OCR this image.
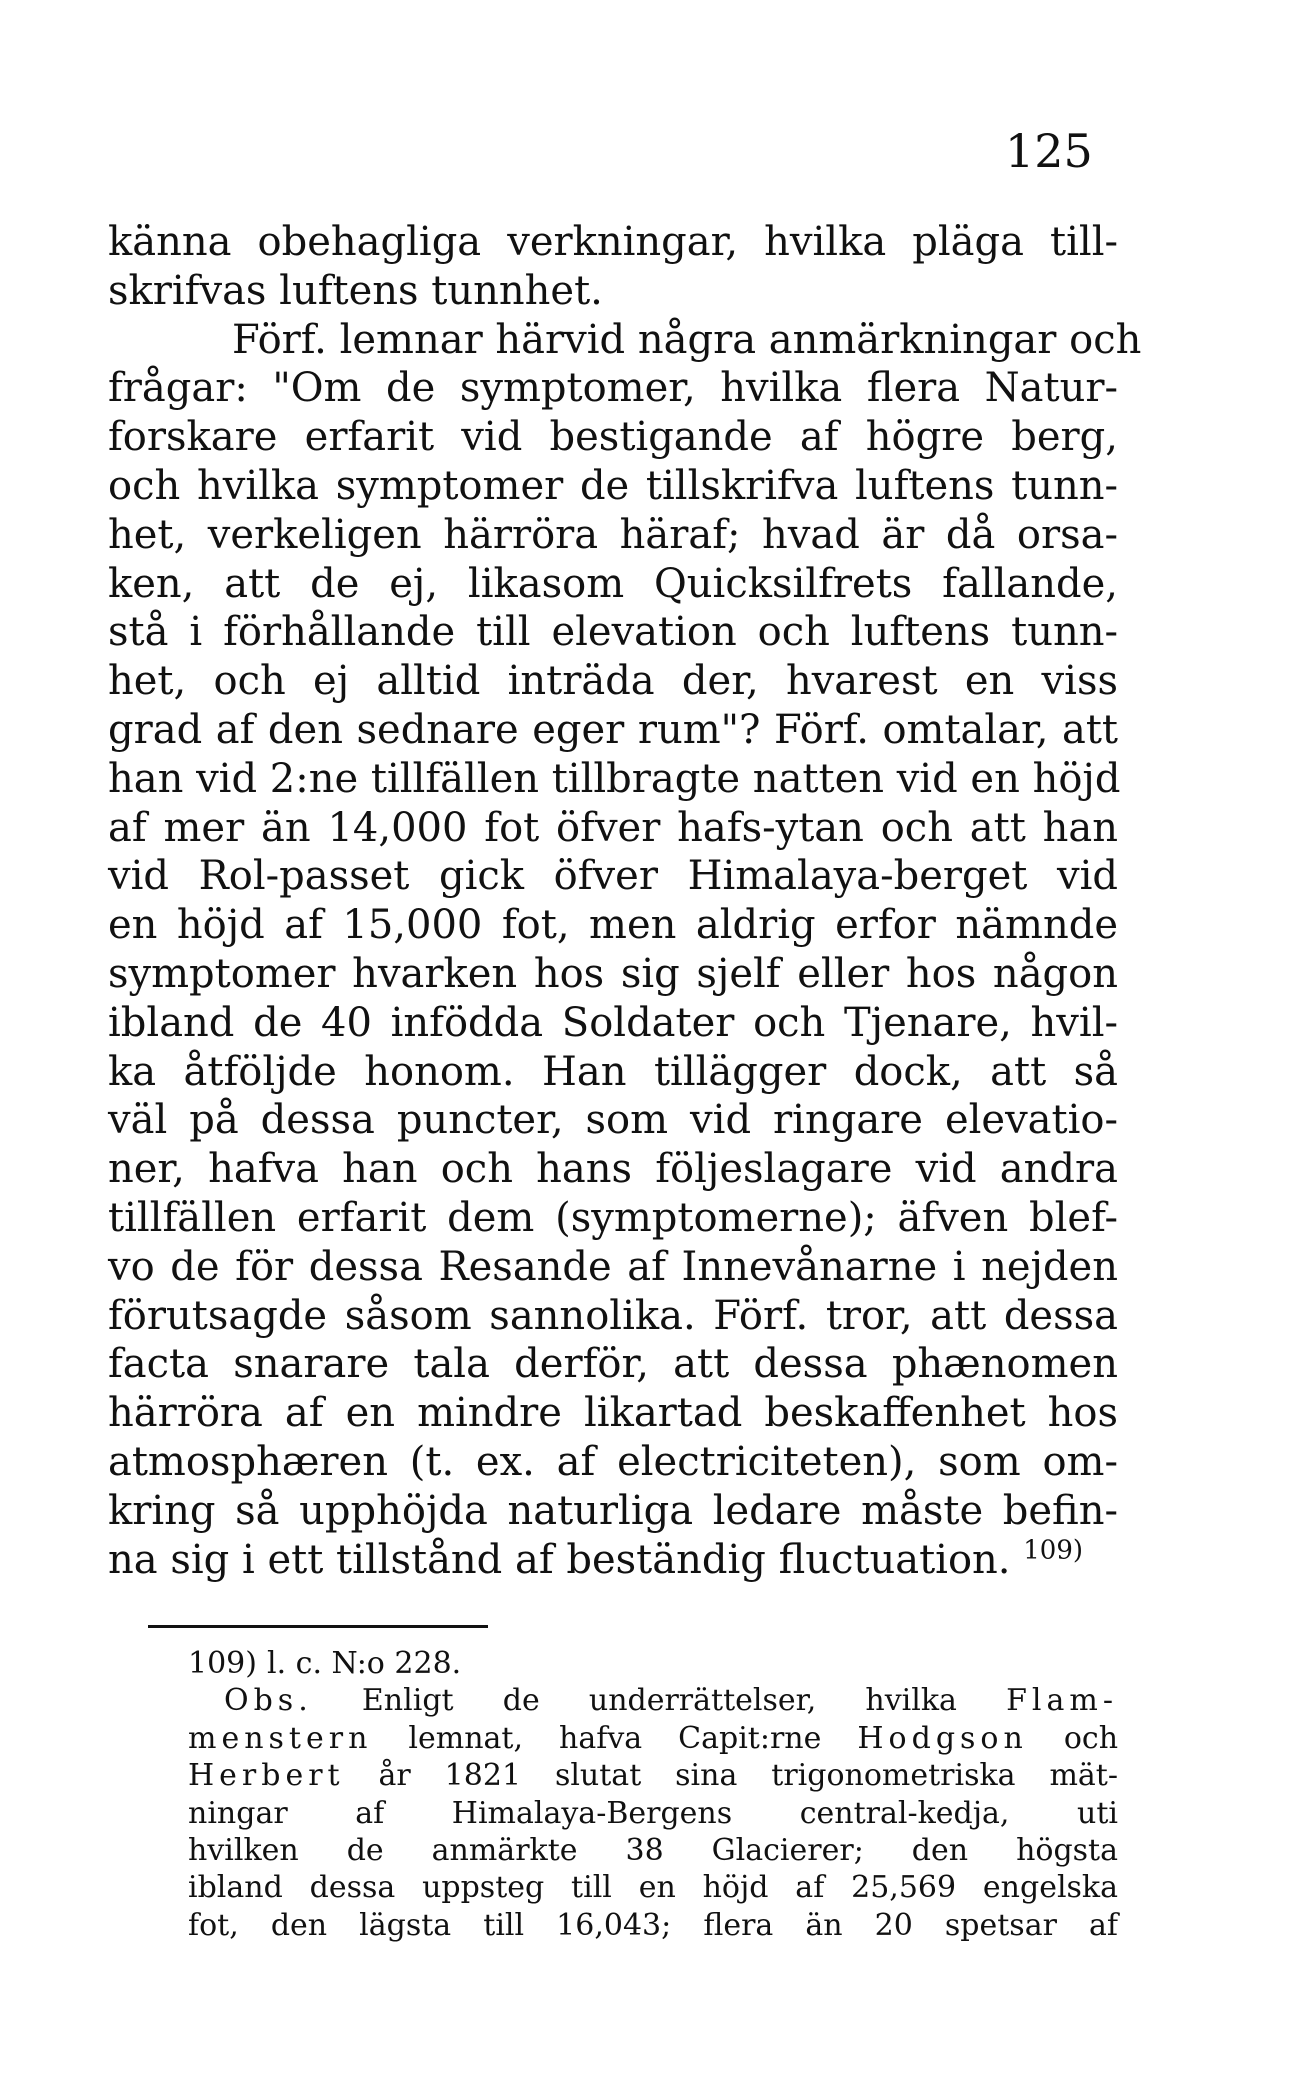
125
känna obehagliga verkningar, hvilka pläga till-
skrifvas luftens tunnhet.
Förf. lemnar härvid några anmärkningar och
frågar: "Om de symptomer, hvilka flera Natur-
forskare erfarit vid bestigande af högre berg,
och hvilka symptomer de tillskrifva luftens tunn-
het, verkeligen härröra häraf; hvad är då orsa-
ken, att de ej, likasom Quicksilfrets fallande,
stå i förhållande till elevation och luftens tunn-
het, och ej alltid inträda der, hvarest en viss
grad af den sednare eger rum"? Förf. omtalar, att
han vid 2:ne tillfällen tillbragte natten vid en höjd
af mer än 14,000 fot öfver hafs-ytan och att han
vid Rol-passet gick öfver Himalaya-berget vid
en höjd af 15,000 fot, men aldrig erfor nämnde
symptomer hvarken hos sig sjelf eller hos någon
ibland de 40 infödda Soldater och Tjenare, hvil-
ka åtföljde honom. Han tillägger dock, att så
väl på dessa puncter, som vid ringare elevatio-
ner, hafva han och hans följeslagare vid andra
tillfällen erfarit dem (symptomerne); äfven blef-
vo de för dessa Resande af Innevånarne i nejden
förutsagde såsom sannolika. Förf. tror, att dessa
facta snarare tala derför, att dessa phænomen
härröra af en mindre likartad beskaffenhet hos
atmosphæren (t. ex. af electriciteten), som om-
kring så upphöjda naturliga ledare måste befin-
na sig i ett tillstånd af beständig fluctuation. $^{109)}$
109) l. c. N:o 228.
Obs. Enligt de underrättelser, hvilka Flam-
menstern lemnat, hafva Capit:rne Hodgson och
Herbert år 1821 slutat sina trigonometriska mät-
ningar af Himalaya-Bergens central-kedja, uti
hvilken de anmärkte 38 Glacierer; den högsta
ibland dessa uppsteg till en höjd af 25,569 engelska
fot, den lägsta till 16,043; flera än 20 spetsar af
